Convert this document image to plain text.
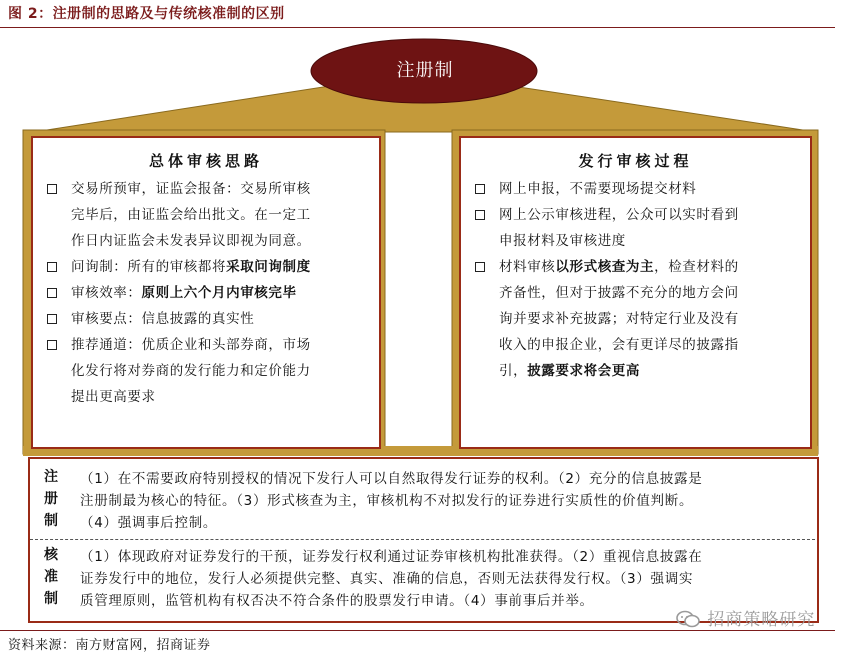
图 2：注册制的思路及与传统核准制的区别
注册制
总体审核思路
交易所预审，证监会报备：交易所审核
完毕后，由证监会给出批文。在一定工
作日内证监会未发表异议即视为同意。
问询制：所有的审核都将采取问询制度
审核效率：原则上六个月内审核完毕
审核要点：信息披露的真实性
推荐通道：优质企业和头部券商，市场
化发行将对券商的发行能力和定价能力
提出更高要求
发行审核过程
网上申报，不需要现场提交材料
网上公示审核进程，公众可以实时看到
申报材料及审核进度
材料审核以形式核查为主，检查材料的
齐备性，但对于披露不充分的地方会问
询并要求补充披露；对特定行业及没有
收入的申报企业，会有更详尽的披露指
引，披露要求将会更高
注
册
制
（1）在不需要政府特别授权的情况下发行人可以自然取得发行证券的权利。（2）充分的信息披露是
注册制最为核心的特征。（3）形式核查为主，审核机构不对拟发行的证券进行实质性的价值判断。
（4）强调事后控制。
核
准
制
（1）体现政府对证券发行的干预，证券发行权利通过证券审核机构批准获得。（2）重视信息披露在
证券发行中的地位，发行人必须提供完整、真实、准确的信息，否则无法获得发行权。（3）强调实
质管理原则，监管机构有权否决不符合条件的股票发行申请。（4）事前事后并举。
招商策略研究
资料来源：南方财富网，招商证券
